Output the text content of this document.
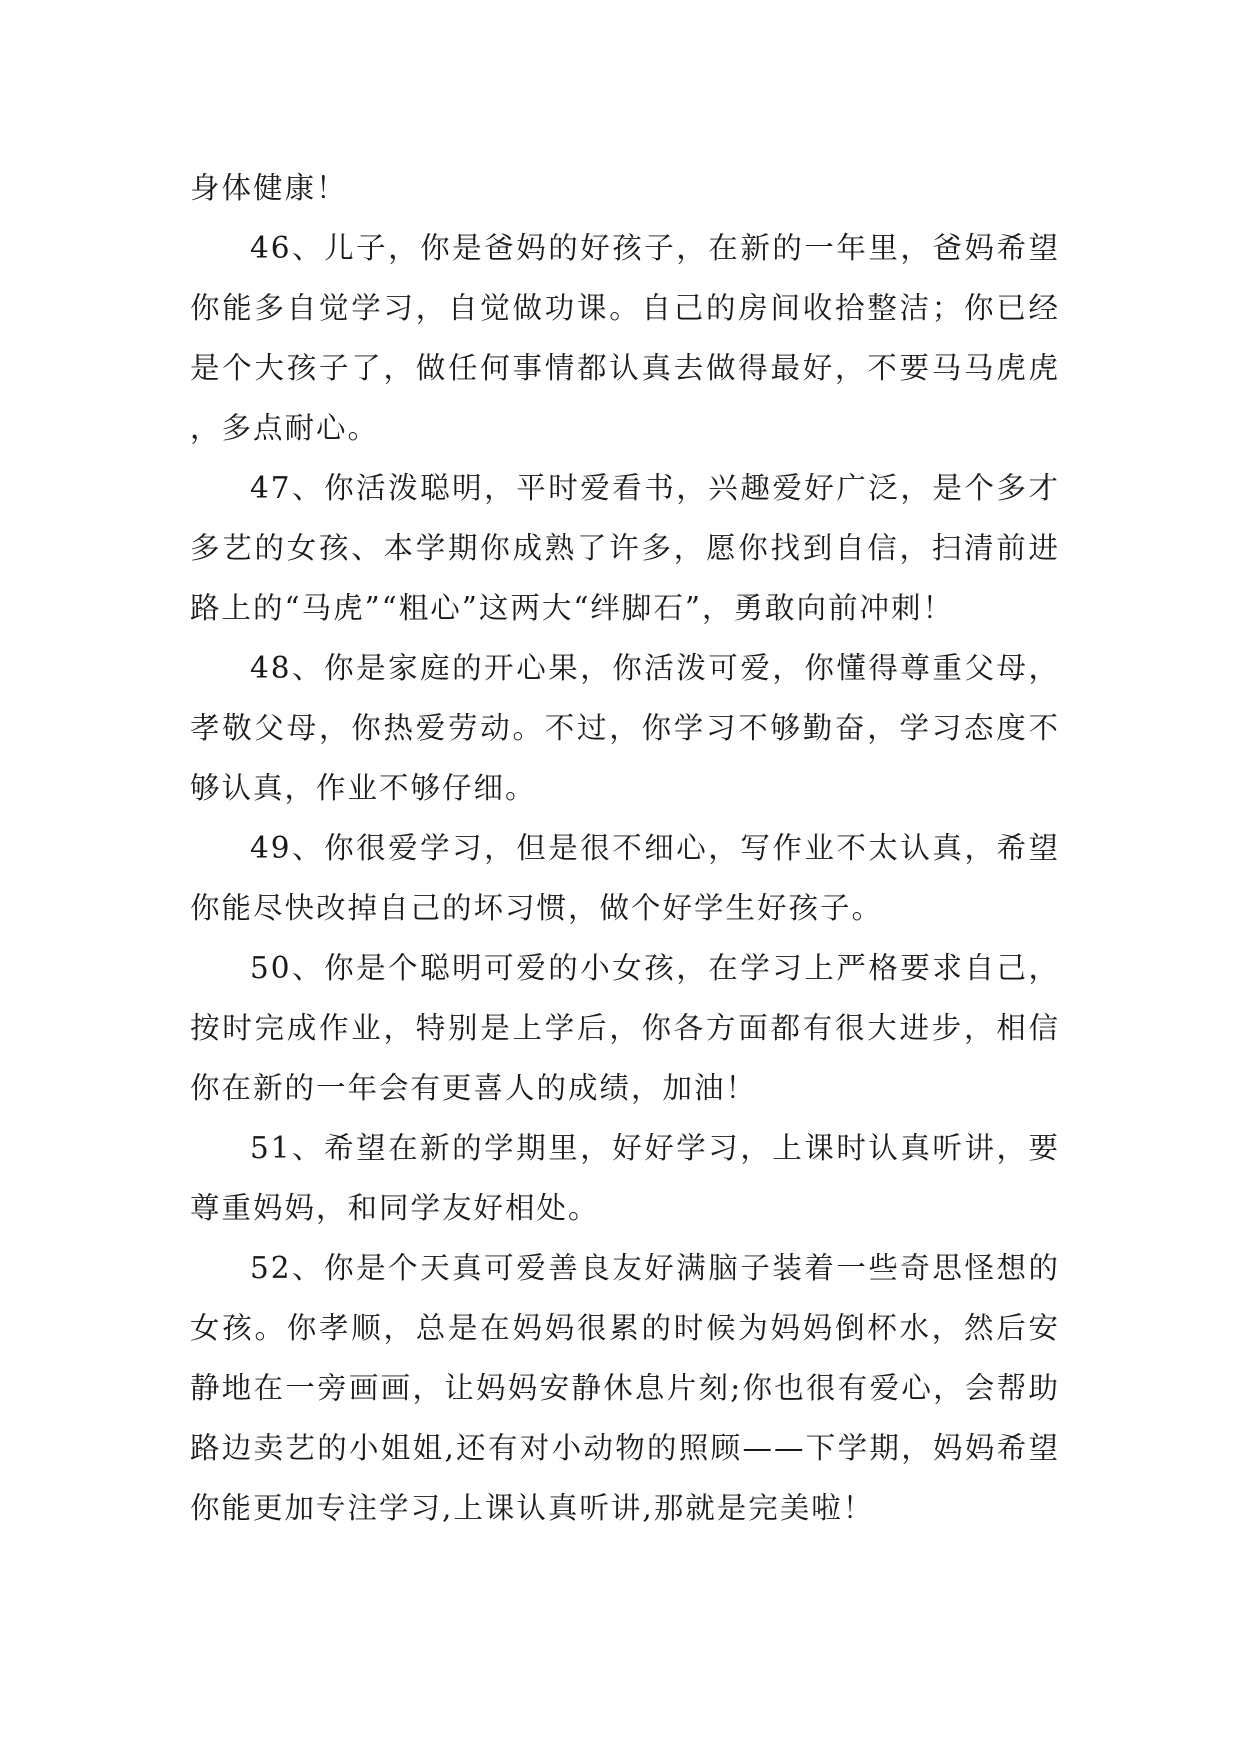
身体健康！

46、儿子，你是爸妈的好孩子，在新的一年里，爸妈希望你能多自觉学习，自觉做功课。自己的房间收拾整洁；你已经是个大孩子了，做任何事情都认真去做得最好，不要马马虎虎，多点耐心。

47、你活泼聪明，平时爱看书，兴趣爱好广泛，是个多才多艺的女孩、本学期你成熟了许多，愿你找到自信，扫清前进路上的“马虎”“粗心”这两大“绊脚石”，勇敢向前冲刺！

48、你是家庭的开心果，你活泼可爱，你懂得尊重父母，孝敬父母，你热爱劳动。不过，你学习不够勤奋，学习态度不够认真，作业不够仔细。

49、你很爱学习，但是很不细心，写作业不太认真，希望你能尽快改掉自己的坏习惯，做个好学生好孩子。

50、你是个聪明可爱的小女孩，在学习上严格要求自己，按时完成作业，特别是上学后，你各方面都有很大进步，相信你在新的一年会有更喜人的成绩，加油！

51、希望在新的学期里，好好学习，上课时认真听讲，要尊重妈妈，和同学友好相处。

52、你是个天真可爱善良友好满脑子装着一些奇思怪想的女孩。你孝顺，总是在妈妈很累的时候为妈妈倒杯水，然后安静地在一旁画画，让妈妈安静休息片刻;你也很有爱心，会帮助路边卖艺的小姐姐,还有对小动物的照顾——下学期，妈妈希望你能更加专注学习,上课认真听讲,那就是完美啦！
